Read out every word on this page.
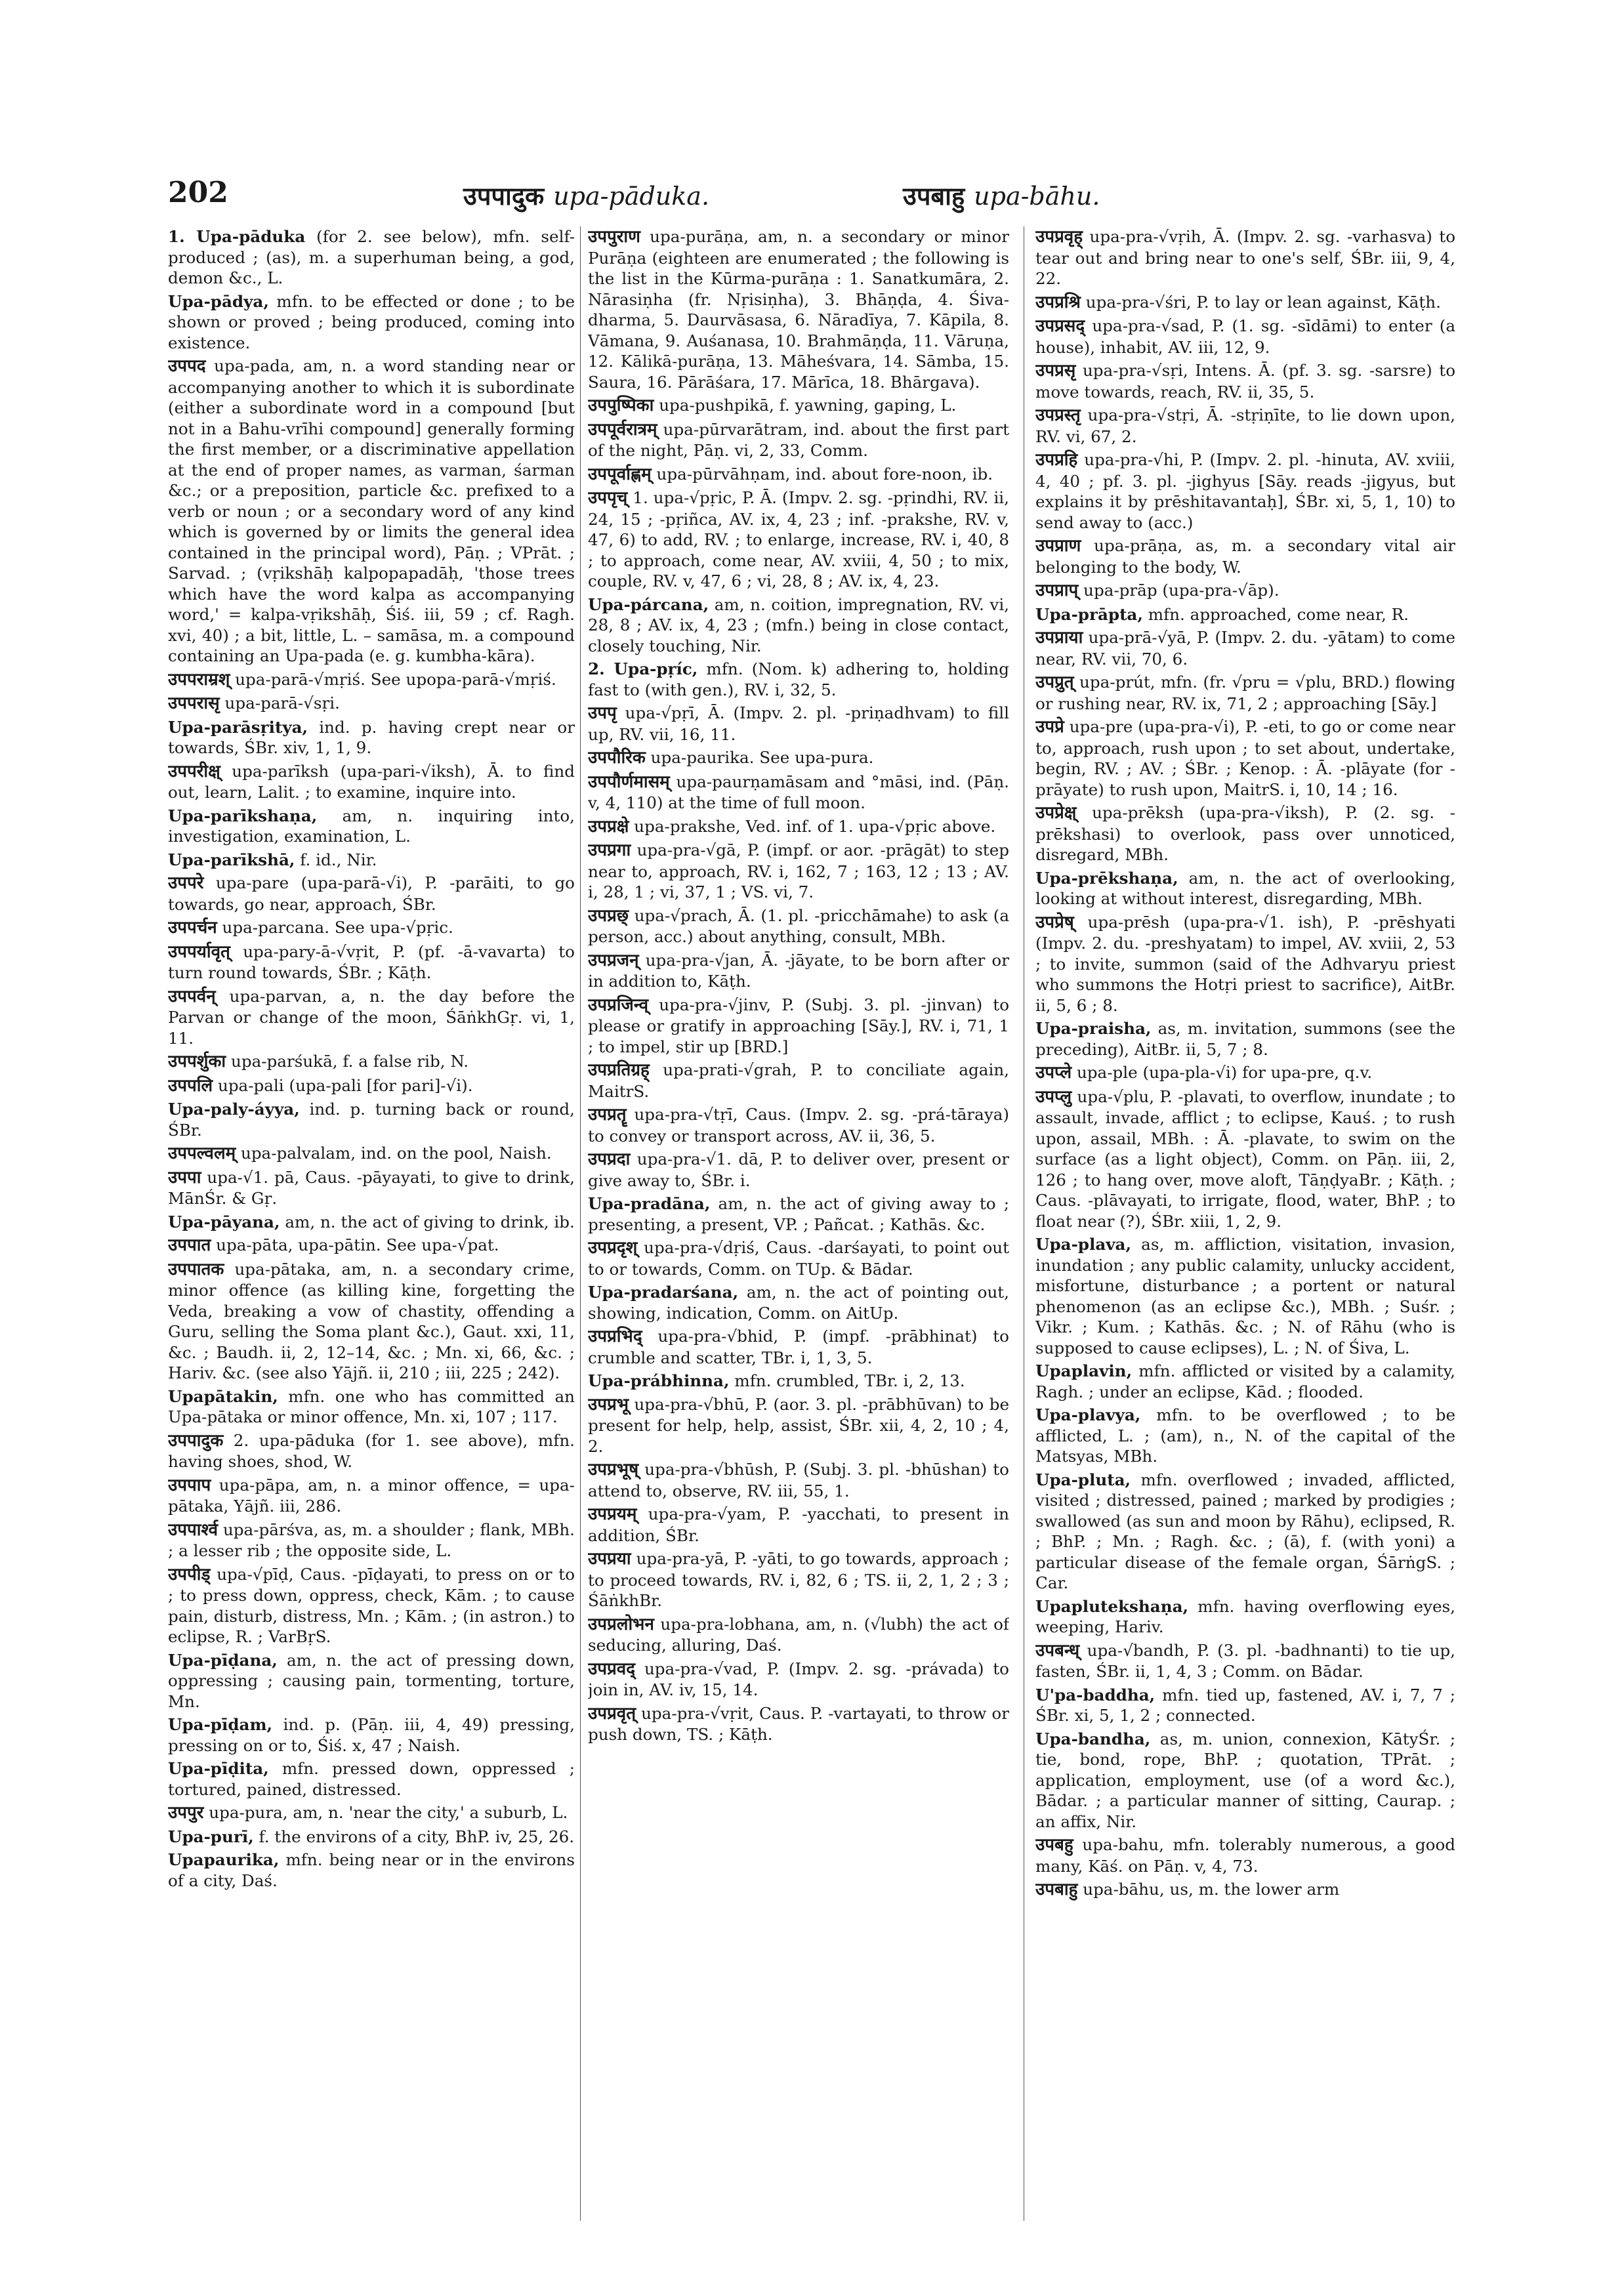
202	उपपादुक upa-pāduka.	उपबाहु upa-bāhu.

1. Upa-pāduka (for 2. see below), mfn. self-produced ; (as), m. a superhuman being, a god, demon &c., L.

Upa-pādya, mfn. to be effected or done ; to be shown or proved ; being produced, coming into existence.

उपपद upa-pada, am, n. a word standing near or accompanying another to which it is subordinate (either a subordinate word in a compound [but not in a Bahu-vrīhi compound] generally forming the first member, or a discriminative appellation at the end of proper names, as varman, śarman &c.; or a preposition, particle &c. prefixed to a verb or noun ; or a secondary word of any kind which is governed by or limits the general idea contained in the principal word), Pāṇ. ; VPrāt. ; Sarvad. ; (vṛikshāḥ kalpopapadāḥ, 'those trees which have the word kalpa as accompanying word,' = kalpa-vṛikshāḥ, Śiś. iii, 59 ; cf. Ragh. xvi, 40) ; a bit, little, L. – samāsa, m. a compound containing an Upa-pada (e. g. kumbha-kāra).

उपपराम्रश् upa-parā-√mṛiś. See upopa-parā-√mṛiś.

उपपरासृ upa-parā-√sṛi.

Upa-parāsṛitya, ind. p. having crept near or towards, ŚBr. xiv, 1, 1, 9.

उपपरीक्ष् upa-parīksh (upa-pari-√iksh), Ā. to find out, learn, Lalit. ; to examine, inquire into.

Upa-parīkshaṇa, am, n. inquiring into, investigation, examination, L.

Upa-parīkshā, f. id., Nir.

उपपरे upa-pare (upa-parā-√i), P. -parāiti, to go towards, go near, approach, ŚBr.

उपपर्चन upa-parcana. See upa-√pṛic.

उपपर्यावृत् upa-pary-ā-√vṛit, P. (pf. -ā-vavarta) to turn round towards, ŚBr. ; Kāṭh.

उपपर्वन् upa-parvan, a, n. the day before the Parvan or change of the moon, ŚāṅkhGṛ. vi, 1, 11.

उपपर्शुका upa-parśukā, f. a false rib, N.

उपपलि upa-pali (upa-pali [for pari]-√i).

Upa-paly-áyya, ind. p. turning back or round, ŚBr.

उपपल्वलम् upa-palvalam, ind. on the pool, Naish.

उपपा upa-√1. pā, Caus. -pāyayati, to give to drink, MānŚr. & Gṛ.

Upa-pāyana, am, n. the act of giving to drink, ib.

उपपात upa-pāta, upa-pātin. See upa-√pat.

उपपातक upa-pātaka, am, n. a secondary crime, minor offence (as killing kine, forgetting the Veda, breaking a vow of chastity, offending a Guru, selling the Soma plant &c.), Gaut. xxi, 11, &c. ; Baudh. ii, 2, 12–14, &c. ; Mn. xi, 66, &c. ; Hariv. &c. (see also Yājñ. ii, 210 ; iii, 225 ; 242).

Upapātakin, mfn. one who has committed an Upa-pātaka or minor offence, Mn. xi, 107 ; 117.

उपपादुक 2. upa-pāduka (for 1. see above), mfn. having shoes, shod, W.

उपपाप upa-pāpa, am, n. a minor offence, = upa-pātaka, Yājñ. iii, 286.

उपपार्श्व upa-pārśva, as, m. a shoulder ; flank, MBh. ; a lesser rib ; the opposite side, L.

उपपीड् upa-√pīḍ, Caus. -pīḍayati, to press on or to ; to press down, oppress, check, Kām. ; to cause pain, disturb, distress, Mn. ; Kām. ; (in astron.) to eclipse, R. ; VarBṛS.

Upa-pīḍana, am, n. the act of pressing down, oppressing ; causing pain, tormenting, torture, Mn.

Upa-pīḍam, ind. p. (Pāṇ. iii, 4, 49) pressing, pressing on or to, Śiś. x, 47 ; Naish.

Upa-pīḍita, mfn. pressed down, oppressed ; tortured, pained, distressed.

उपपुर upa-pura, am, n. 'near the city,' a suburb, L.

Upa-purī, f. the environs of a city, BhP. iv, 25, 26.

Upapaurika, mfn. being near or in the environs of a city, Daś.

उपपुराण upa-purāṇa, am, n. a secondary or minor Purāṇa (eighteen are enumerated ; the following is the list in the Kūrma-purāṇa : 1. Sanatkumāra, 2. Nārasiṇha (fr. Nṛisiṇha), 3. Bhāṇḍa, 4. Śiva-dharma, 5. Daurvāsasa, 6. Nāradīya, 7. Kāpila, 8. Vāmana, 9. Auśanasa, 10. Brahmāṇḍa, 11. Vāruṇa, 12. Kālikā-purāṇa, 13. Māheśvara, 14. Sāmba, 15. Saura, 16. Pārāśara, 17. Mārīca, 18. Bhārgava).

उपपुष्पिका upa-pushpikā, f. yawning, gaping, L.

उपपूर्वरात्रम् upa-pūrvarātram, ind. about the first part of the night, Pāṇ. vi, 2, 33, Comm.

उपपूर्वाह्णम् upa-pūrvāhṇam, ind. about fore-noon, ib.

उपपृच् 1. upa-√pṛic, P. Ā. (Impv. 2. sg. -pṛindhi, RV. ii, 24, 15 ; -pṛiñca, AV. ix, 4, 23 ; inf. -prakshe, RV. v, 47, 6) to add, RV. ; to enlarge, increase, RV. i, 40, 8 ; to approach, come near, AV. xviii, 4, 50 ; to mix, couple, RV. v, 47, 6 ; vi, 28, 8 ; AV. ix, 4, 23.

Upa-párcana, am, n. coition, impregnation, RV. vi, 28, 8 ; AV. ix, 4, 23 ; (mfn.) being in close contact, closely touching, Nir.

2. Upa-pṛíc, mfn. (Nom. k) adhering to, holding fast to (with gen.), RV. i, 32, 5.

उपपृ upa-√pṛī, Ā. (Impv. 2. pl. -priṇadhvam) to fill up, RV. vii, 16, 11.

उपपौरिक upa-paurika. See upa-pura.

उपपौर्णमासम् upa-paurṇamāsam and °māsi, ind. (Pāṇ. v, 4, 110) at the time of full moon.

उपप्रक्षे upa-prakshe, Ved. inf. of 1. upa-√pṛic above.

उपप्रगा upa-pra-√gā, P. (impf. or aor. -prāgāt) to step near to, approach, RV. i, 162, 7 ; 163, 12 ; 13 ; AV. i, 28, 1 ; vi, 37, 1 ; VS. vi, 7.

उपप्रछ् upa-√prach, Ā. (1. pl. -pricchāmahe) to ask (a person, acc.) about anything, consult, MBh.

उपप्रजन् upa-pra-√jan, Ā. -jāyate, to be born after or in addition to, Kāṭh.

उपप्रजिन्व् upa-pra-√jinv, P. (Subj. 3. pl. -jinvan) to please or gratify in approaching [Sāy.], RV. i, 71, 1 ; to impel, stir up [BRD.]

उपप्रतिग्रह् upa-prati-√grah, P. to conciliate again, MaitrS.

उपप्रतॄ upa-pra-√tṛī, Caus. (Impv. 2. sg. -prá-tāraya) to convey or transport across, AV. ii, 36, 5.

उपप्रदा upa-pra-√1. dā, P. to deliver over, present or give away to, ŚBr. i.

Upa-pradāna, am, n. the act of giving away to ; presenting, a present, VP. ; Pañcat. ; Kathās. &c.

उपप्रदृश् upa-pra-√dṛiś, Caus. -darśayati, to point out to or towards, Comm. on TUp. & Bādar.

Upa-pradarśana, am, n. the act of pointing out, showing, indication, Comm. on AitUp.

उपप्रभिद् upa-pra-√bhid, P. (impf. -prābhinat) to crumble and scatter, TBr. i, 1, 3, 5.

Upa-prábhinna, mfn. crumbled, TBr. i, 2, 13.

उपप्रभू upa-pra-√bhū, P. (aor. 3. pl. -prābhūvan) to be present for help, help, assist, ŚBr. xii, 4, 2, 10 ; 4, 2.

उपप्रभूष् upa-pra-√bhūsh, P. (Subj. 3. pl. -bhūshan) to attend to, observe, RV. iii, 55, 1.

उपप्रयम् upa-pra-√yam, P. -yacchati, to present in addition, ŚBr.

उपप्रया upa-pra-yā, P. -yāti, to go towards, approach ; to proceed towards, RV. i, 82, 6 ; TS. ii, 2, 1, 2 ; 3 ; ŚāṅkhBr.

उपप्रलोभन upa-pra-lobhana, am, n. (√lubh) the act of seducing, alluring, Daś.

उपप्रवद् upa-pra-√vad, P. (Impv. 2. sg. -právada) to join in, AV. iv, 15, 14.

उपप्रवृत् upa-pra-√vṛit, Caus. P. -vartayati, to throw or push down, TS. ; Kāṭh.

उपप्रवृह् upa-pra-√vṛih, Ā. (Impv. 2. sg. -varhasva) to tear out and bring near to one's self, ŚBr. iii, 9, 4, 22.

उपप्रश्रि upa-pra-√śri, P. to lay or lean against, Kāṭh.

उपप्रसद् upa-pra-√sad, P. (1. sg. -sīdāmi) to enter (a house), inhabit, AV. iii, 12, 9.

उपप्रसृ upa-pra-√sṛi, Intens. Ā. (pf. 3. sg. -sarsre) to move towards, reach, RV. ii, 35, 5.

उपप्रस्तृ upa-pra-√stṛi, Ā. -stṛiṇīte, to lie down upon, RV. vi, 67, 2.

उपप्रहि upa-pra-√hi, P. (Impv. 2. pl. -hinuta, AV. xviii, 4, 40 ; pf. 3. pl. -jighyus [Sāy. reads -jigyus, but explains it by prēshitavantaḥ], ŚBr. xi, 5, 1, 10) to send away to (acc.)

उपप्राण upa-prāṇa, as, m. a secondary vital air belonging to the body, W.

उपप्राप् upa-prāp (upa-pra-√āp).

Upa-prāpta, mfn. approached, come near, R.

उपप्राया upa-prā-√yā, P. (Impv. 2. du. -yātam) to come near, RV. vii, 70, 6.

उपप्रुत् upa-prút, mfn. (fr. √pru = √plu, BRD.) flowing or rushing near, RV. ix, 71, 2 ; approaching [Sāy.]

उपप्रे upa-pre (upa-pra-√i), P. -eti, to go or come near to, approach, rush upon ; to set about, undertake, begin, RV. ; AV. ; ŚBr. ; Kenop. : Ā. -plāyate (for -prāyate) to rush upon, MaitrS. i, 10, 14 ; 16.

उपप्रेक्ष् upa-prēksh (upa-pra-√iksh), P. (2. sg. -prēkshasi) to overlook, pass over unnoticed, disregard, MBh.

Upa-prēkshaṇa, am, n. the act of overlooking, looking at without interest, disregarding, MBh.

उपप्रेष् upa-prēsh (upa-pra-√1. ish), P. -prēshyati (Impv. 2. du. -preshyatam) to impel, AV. xviii, 2, 53 ; to invite, summon (said of the Adhvaryu priest who summons the Hotṛi priest to sacrifice), AitBr. ii, 5, 6 ; 8.

Upa-praisha, as, m. invitation, summons (see the preceding), AitBr. ii, 5, 7 ; 8.

उपप्ले upa-ple (upa-pla-√i) for upa-pre, q.v.

उपप्लु upa-√plu, P. -plavati, to overflow, inundate ; to assault, invade, afflict ; to eclipse, Kauś. ; to rush upon, assail, MBh. : Ā. -plavate, to swim on the surface (as a light object), Comm. on Pāṇ. iii, 2, 126 ; to hang over, move aloft, TāṇḍyaBr. ; Kāṭh. ; Caus. -plāvayati, to irrigate, flood, water, BhP. ; to float near (?), ŚBr. xiii, 1, 2, 9.

Upa-plava, as, m. affliction, visitation, invasion, inundation ; any public calamity, unlucky accident, misfortune, disturbance ; a portent or natural phenomenon (as an eclipse &c.), MBh. ; Suśr. ; Vikr. ; Kum. ; Kathās. &c. ; N. of Rāhu (who is supposed to cause eclipses), L. ; N. of Śiva, L.

Upaplavin, mfn. afflicted or visited by a calamity, Ragh. ; under an eclipse, Kād. ; flooded.

Upa-plavya, mfn. to be overflowed ; to be afflicted, L. ; (am), n., N. of the capital of the Matsyas, MBh.

Upa-pluta, mfn. overflowed ; invaded, afflicted, visited ; distressed, pained ; marked by prodigies ; swallowed (as sun and moon by Rāhu), eclipsed, R. ; BhP. ; Mn. ; Ragh. &c. ; (ā), f. (with yoni) a particular disease of the female organ, ŚārṅgS. ; Car.

Upaplutekshaṇa, mfn. having overflowing eyes, weeping, Hariv.

उपबन्ध् upa-√bandh, P. (3. pl. -badhnanti) to tie up, fasten, ŚBr. ii, 1, 4, 3 ; Comm. on Bādar.

U'pa-baddha, mfn. tied up, fastened, AV. i, 7, 7 ; ŚBr. xi, 5, 1, 2 ; connected.

Upa-bandha, as, m. union, connexion, KātyŚr. ; tie, bond, rope, BhP. ; quotation, TPrāt. ; application, employment, use (of a word &c.), Bādar. ; a particular manner of sitting, Caurap. ; an affix, Nir.

उपबहु upa-bahu, mfn. tolerably numerous, a good many, Kāś. on Pāṇ. v, 4, 73.

उपबाहु upa-bāhu, us, m. the lower arm
